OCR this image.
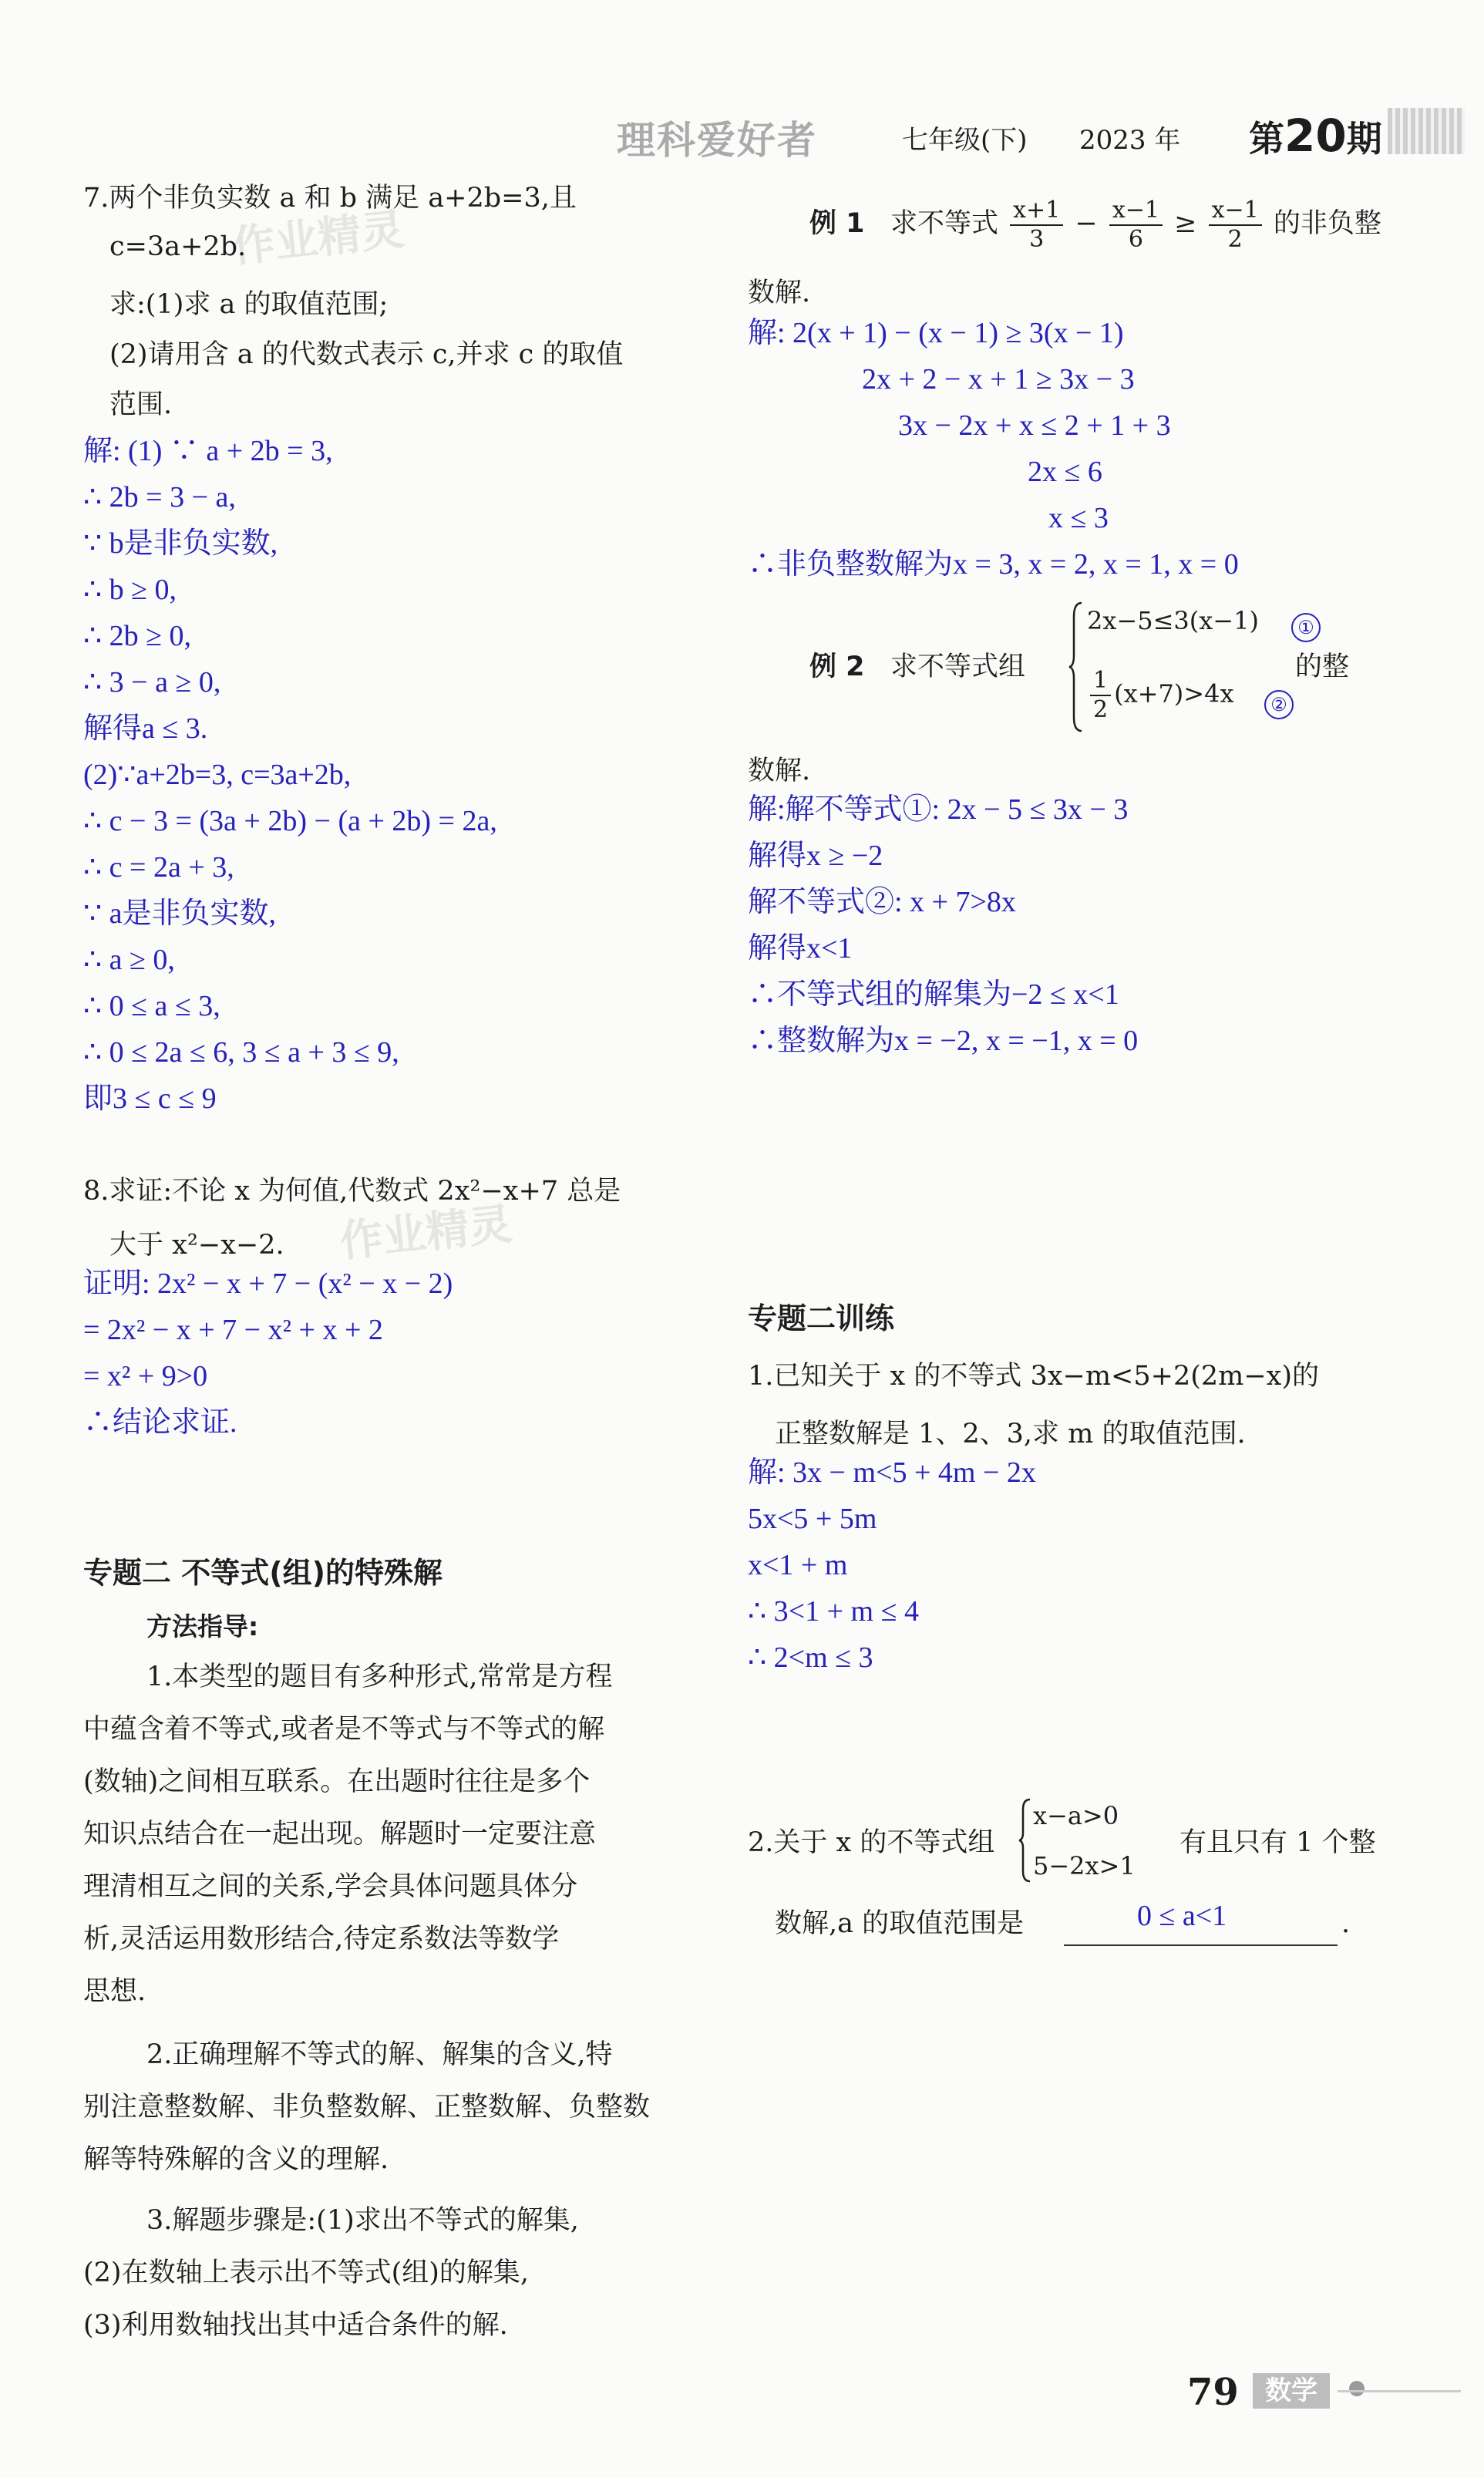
理科爱好者	七年级(下) 2023 年 第20期
作业精灵
作业精灵
7.两个非负实数 a 和 b 满足 a+2b=3,且
c=3a+2b.
求:(1)求 a 的取值范围;
(2)请用含 a 的代数式表示 c,并求 c 的取值
范围.
解: (1) ∵ a + 2b = 3,
∴ 2b = 3 − a,
∵ b是非负实数,
∴ b ≥ 0,
∴ 2b ≥ 0,
∴ 3 − a ≥ 0,
解得a ≤ 3.
(2)∵a+2b=3, c=3a+2b,
∴ c − 3 = (3a + 2b) − (a + 2b) = 2a,
∴ c = 2a + 3,
∵ a是非负实数,
∴ a ≥ 0,
∴ 0 ≤ a ≤ 3,
∴ 0 ≤ 2a ≤ 6, 3 ≤ a + 3 ≤ 9,
即3 ≤ c ≤ 9
8.求证:不论 x 为何值,代数式 2x²−x+7 总是
大于 x²−x−2.
证明: 2x² − x + 7 − (x² − x − 2)
= 2x² − x + 7 − x² + x + 2
= x² + 9>0
∴结论求证.
专题二 不等式(组)的特殊解
方法指导:
1.本类型的题目有多种形式,常常是方程
中蕴含着不等式,或者是不等式与不等式的解
(数轴)之间相互联系。在出题时往往是多个
知识点结合在一起出现。解题时一定要注意
理清相互之间的关系,学会具体问题具体分
析,灵活运用数形结合,待定系数法等数学
思想.
2.正确理解不等式的解、解集的含义,特
别注意整数解、非负整数解、正整数解、负整数
解等特殊解的含义的理解.
3.解题步骤是:(1)求出不等式的解集,
(2)在数轴上表示出不等式(组)的解集,
(3)利用数轴找出其中适合条件的解.
例 1 求不等式 $\frac{x+1}{3} - \frac{x-1}{6} \ge \frac{x-1}{2}$ 的非负整
数解.
解: 2(x + 1) − (x − 1) ≥ 3(x − 1)
2x + 2 − x + 1 ≥ 3x − 3
3x − 2x + x ≤ 2 + 1 + 3
2x ≤ 6
x ≤ 3
∴非负整数解为x = 3, x = 2, x = 1, x = 0
例 2 求不等式组
2x−5≤3(x−1)
$\frac{1}{2} (x+7)>4x$
①
②
的整
数解.
解:解不等式①: 2x − 5 ≤ 3x − 3
解得x ≥ −2
解不等式②: x + 7>8x
解得x<1
∴不等式组的解集为−2 ≤ x<1
∴整数解为x = −2, x = −1, x = 0
专题二训练
1.已知关于 x 的不等式 3x−m<5+2(2m−x)的
正整数解是 1、2、3,求 m 的取值范围.
解: 3x − m<5 + 4m − 2x
5x<5 + 5m
x<1 + m
∴ 3<1 + m ≤ 4
∴ 2<m ≤ 3
2.关于 x 的不等式组
x−a>0
5−2x>1
有且只有 1 个整
数解,a 的取值范围是	0 ≤ a<1	.
79	数学
